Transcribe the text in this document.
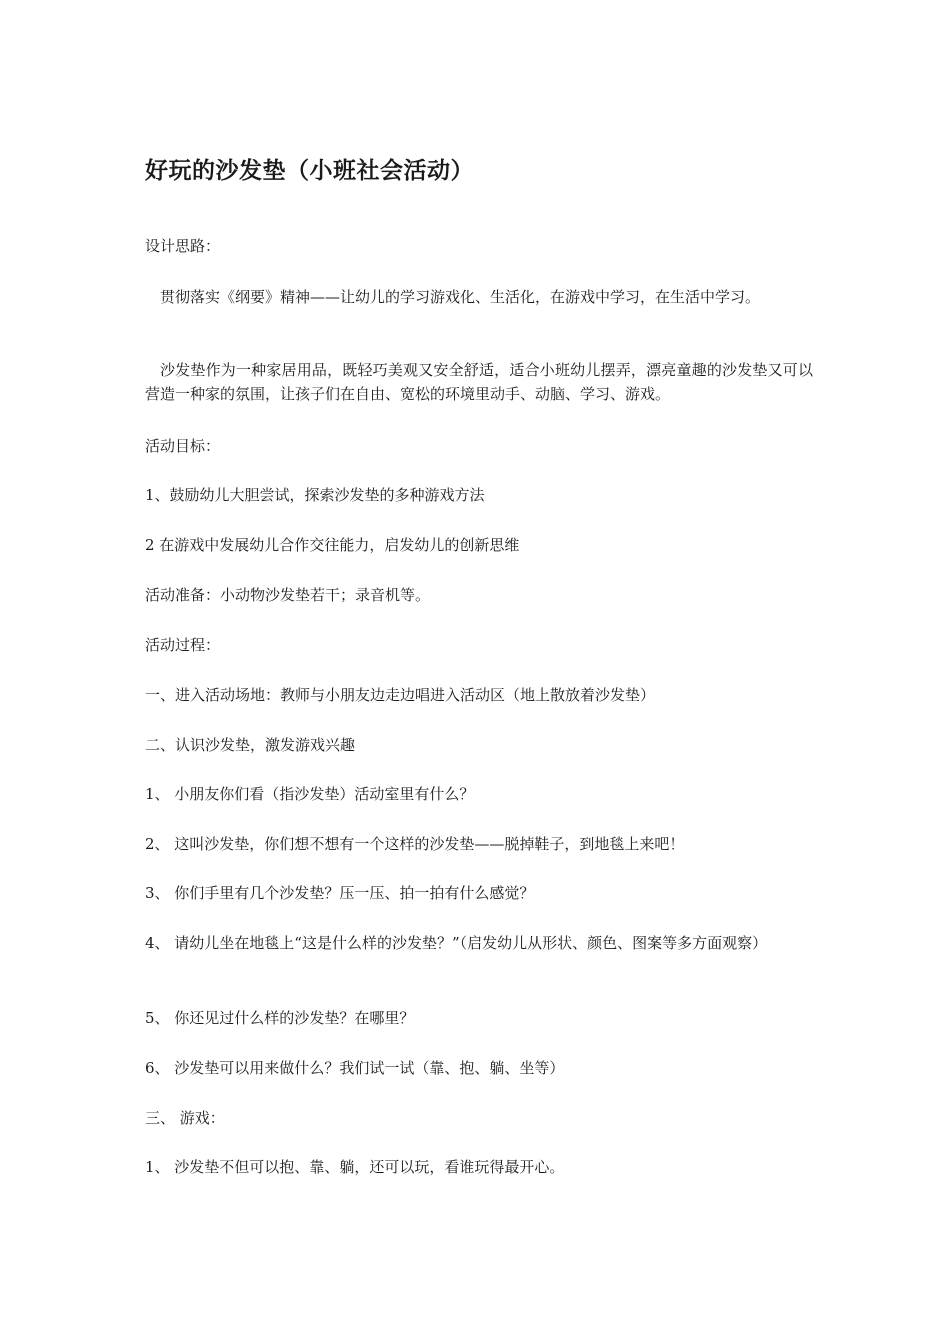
好玩的沙发垫（小班社会活动）

设计思路：

贯彻落实《纲要》精神——让幼儿的学习游戏化、生活化，在游戏中学习，在生活中学习。

沙发垫作为一种家居用品，既轻巧美观又安全舒适，适合小班幼儿摆弄，漂亮童趣的沙发垫又可以营造一种家的氛围，让孩子们在自由、宽松的环境里动手、动脑、学习、游戏。

活动目标：

1、鼓励幼儿大胆尝试，探索沙发垫的多种游戏方法

2 在游戏中发展幼儿合作交往能力，启发幼儿的创新思维

活动准备：小动物沙发垫若干；录音机等。

活动过程：

一、进入活动场地：教师与小朋友边走边唱进入活动区（地上散放着沙发垫）

二、认识沙发垫，激发游戏兴趣

1、 小朋友你们看（指沙发垫）活动室里有什么？

2、 这叫沙发垫，你们想不想有一个这样的沙发垫——脱掉鞋子，到地毯上来吧！

3、 你们手里有几个沙发垫？压一压、拍一拍有什么感觉？

4、 请幼儿坐在地毯上“这是什么样的沙发垫？”（启发幼儿从形状、颜色、图案等多方面观察）

5、 你还见过什么样的沙发垫？在哪里？

6、 沙发垫可以用来做什么？我们试一试（靠、抱、躺、坐等）

三、 游戏：

1、 沙发垫不但可以抱、靠、躺，还可以玩，看谁玩得最开心。
